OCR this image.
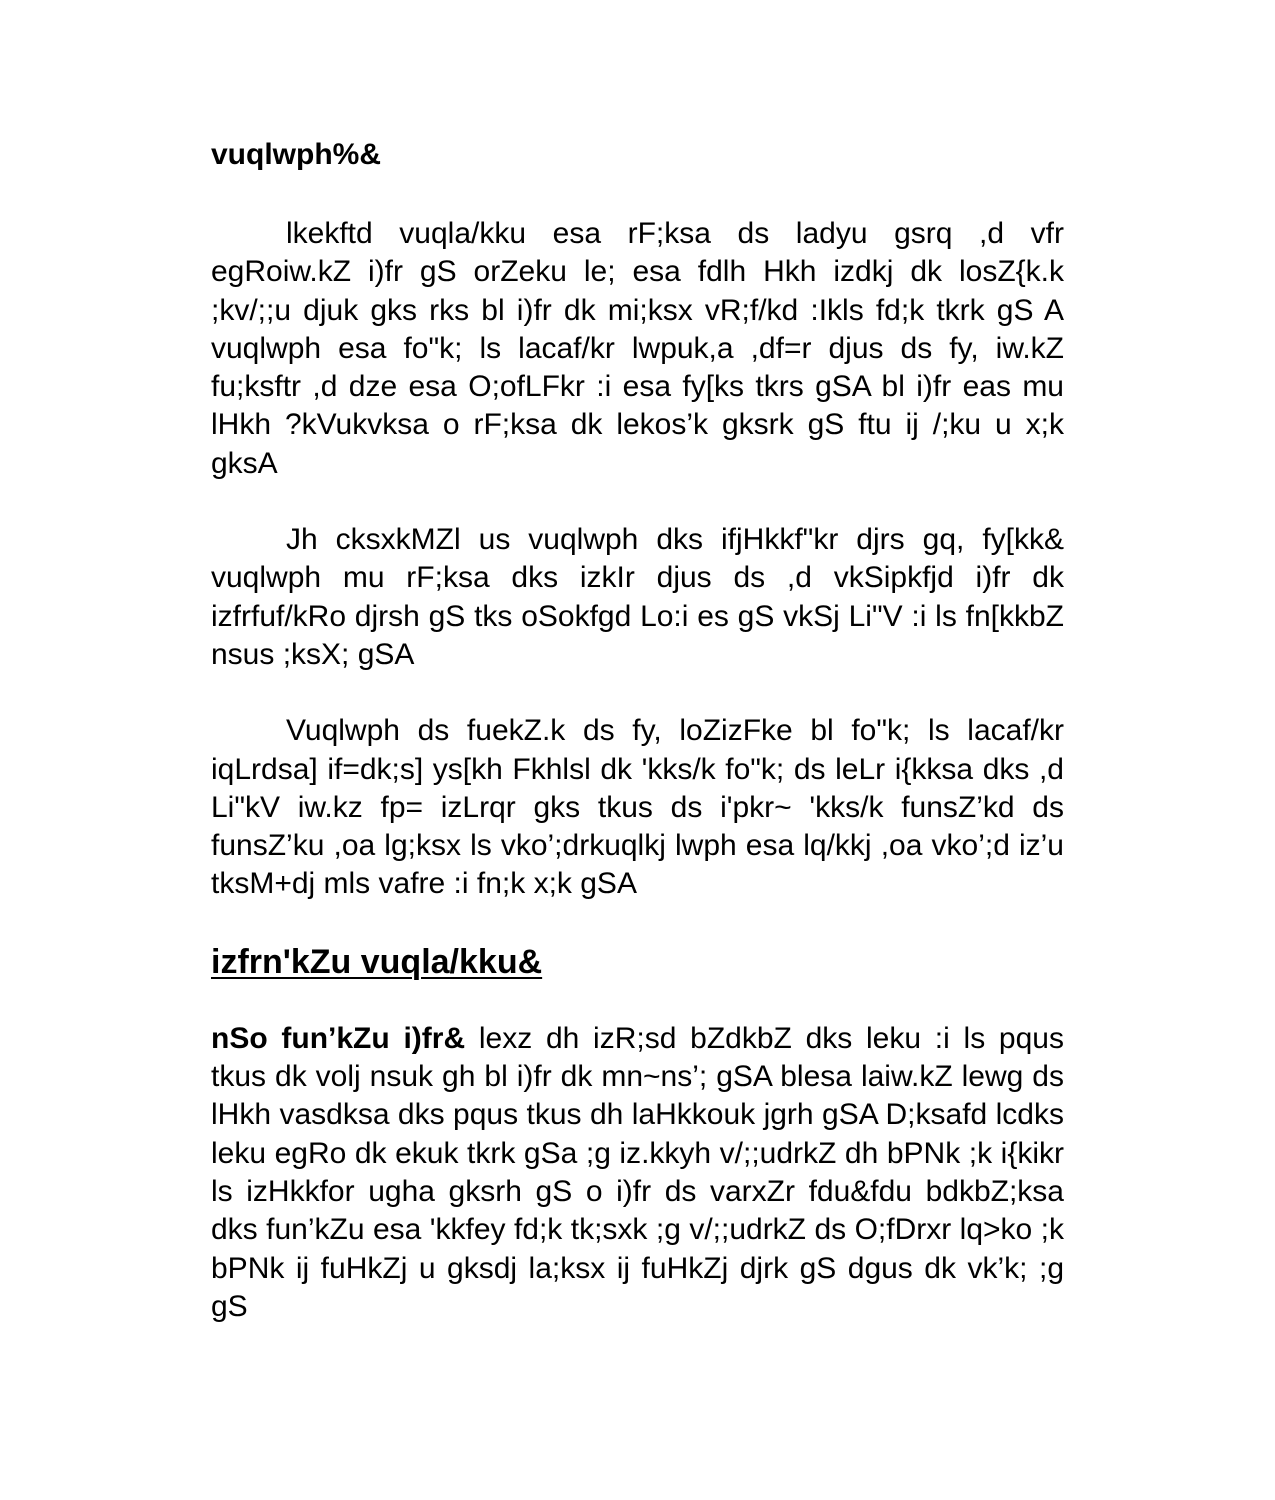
vuqlwph%&

lkekftd vuqla/kku esa rF;ksa ds ladyu gsrq ,d vfr egRoiw.kZ i)fr gS orZeku le; esa fdlh Hkh izdkj dk losZ{k.k ;kv/;;u djuk gks rks bl i)fr dk mi;ksx vR;f/kd :Ikls fd;k tkrk gS A vuqlwph esa fo"k; ls lacaf/kr lwpuk,a ,df=r djus ds fy, iw.kZ fu;ksftr ,d dze esa O;ofLFkr :i esa fy[ks tkrs gSA bl i)fr eas mu lHkh ?kVukvksa o rF;ksa dk lekos’k gksrk gS ftu ij /;ku u x;k gksA

Jh cksxkMZl us vuqlwph dks ifjHkkf"kr djrs gq, fy[kk& vuqlwph mu rF;ksa dks izkIr djus ds ,d vkSipkfjd i)fr dk izfrfuf/kRo djrsh gS tks oSokfgd Lo:i es gS vkSj Li"V :i ls fn[kkbZ nsus ;ksX; gSA

Vuqlwph ds fuekZ.k ds fy, loZizFke bl fo"k; ls lacaf/kr iqLrdsa] if=dk;s] ys[kh Fkhlsl dk 'kks/k fo"k; ds leLr i{kksa dks ,d Li"kV iw.kz fp= izLrqr gks tkus ds i'pkr~ 'kks/k funsZ’kd ds funsZ’ku ,oa lg;ksx ls vko’;drkuqlkj lwph esa lq/kkj ,oa vko’;d iz’u tksM+dj mls vafre :i fn;k x;k gSA

izfrn'kZu vuqla/kku&

nSo fun’kZu i)fr& lexz dh izR;sd bZdkbZ dks leku :i ls pqus tkus dk volj nsuk gh bl i)fr dk mn~ns’; gSA blesa laiw.kZ lewg ds lHkh vasdksa dks pqus tkus dh laHkkouk jgrh gSA D;ksafd lcdks leku egRo dk ekuk tkrk gSa ;g iz.kkyh v/;;udrkZ dh bPNk ;k i{kikr ls izHkkfor ugha gksrh gS o i)fr ds varxZr fdu&fdu bdkbZ;ksa dks fun’kZu esa 'kkfey fd;k tk;sxk ;g v/;;udrkZ ds O;fDrxr lq>ko ;k bPNk ij fuHkZj u gksdj la;ksx ij fuHkZj djrk gS dgus dk vk’k; ;g gS
